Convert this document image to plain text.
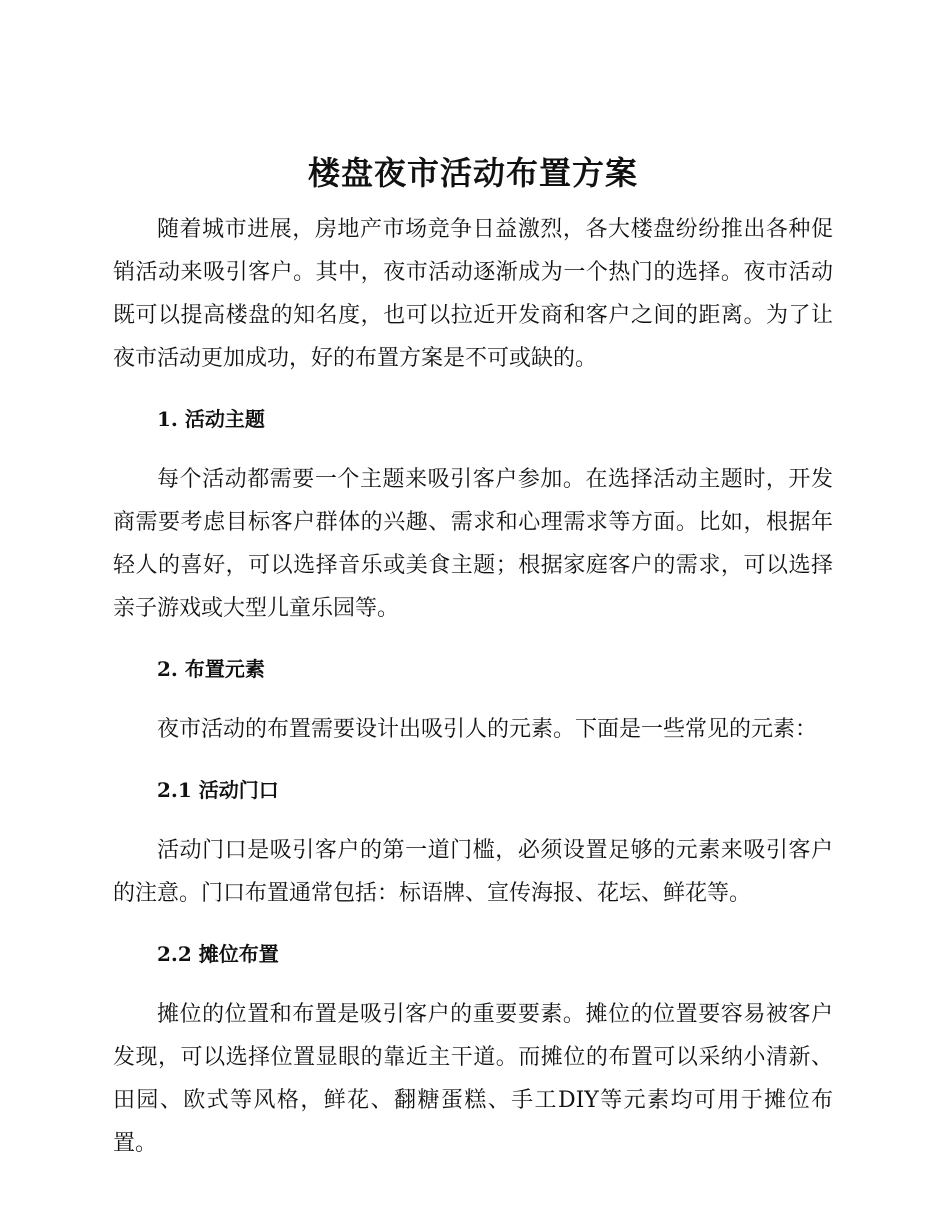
楼盘夜市活动布置方案

随着城市进展，房地产市场竞争日益激烈，各大楼盘纷纷推出各种促销活动来吸引客户。其中，夜市活动逐渐成为一个热门的选择。夜市活动既可以提高楼盘的知名度，也可以拉近开发商和客户之间的距离。为了让夜市活动更加成功，好的布置方案是不可或缺的。

1. 活动主题

每个活动都需要一个主题来吸引客户参加。在选择活动主题时，开发商需要考虑目标客户群体的兴趣、需求和心理需求等方面。比如，根据年轻人的喜好，可以选择音乐或美食主题；根据家庭客户的需求，可以选择亲子游戏或大型儿童乐园等。

2. 布置元素

夜市活动的布置需要设计出吸引人的元素。下面是一些常见的元素：

2.1 活动门口

活动门口是吸引客户的第一道门槛，必须设置足够的元素来吸引客户的注意。门口布置通常包括：标语牌、宣传海报、花坛、鲜花等。

2.2 摊位布置

摊位的位置和布置是吸引客户的重要要素。摊位的位置要容易被客户发现，可以选择位置显眼的靠近主干道。而摊位的布置可以采纳小清新、田园、欧式等风格，鲜花、翻糖蛋糕、手工DIY等元素均可用于摊位布置。
